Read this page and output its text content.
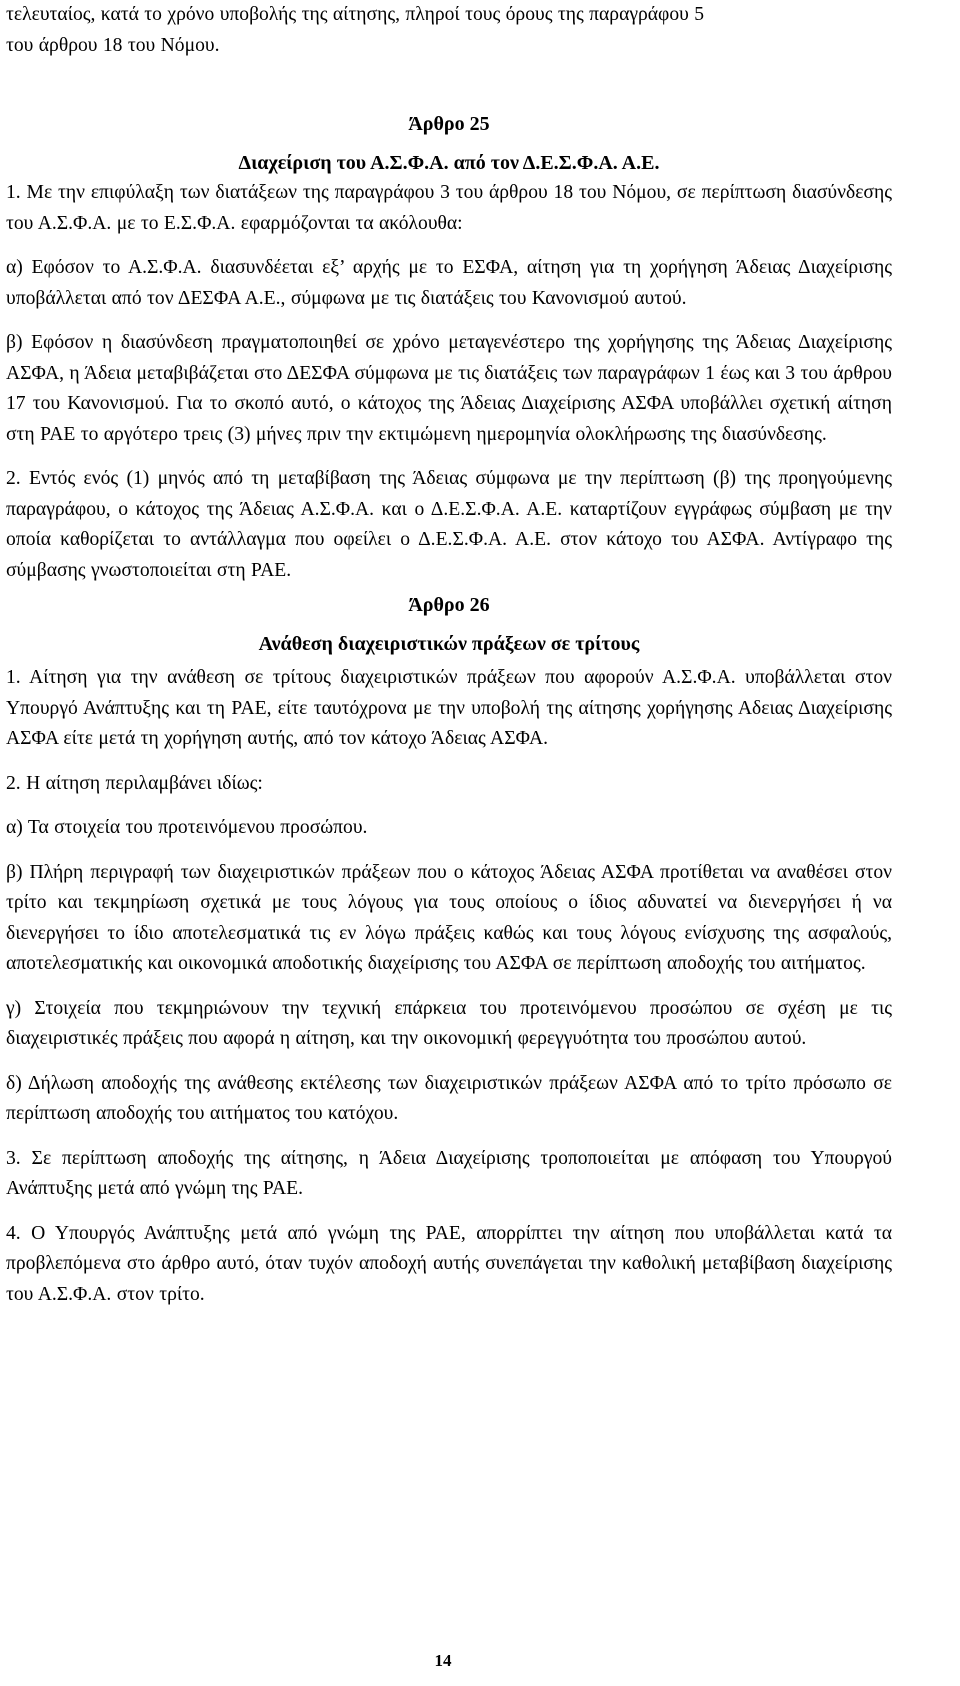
τελευταίος, κατά το χρόνο υποβολής της αίτησης, πληροί τους όρους της παραγράφου 5

του άρθρου 18 του Νόμου.

Άρθρο 25
Διαχείριση του Α.Σ.Φ.Α. από τον Δ.Ε.Σ.Φ.Α. Α.Ε.

1. Με την επιφύλαξη των διατάξεων της παραγράφου 3 του άρθρου 18 του Νόμου, σε περίπτωση διασύνδεσης του Α.Σ.Φ.Α. με το Ε.Σ.Φ.Α. εφαρμόζονται τα ακόλουθα:

α) Εφόσον το Α.Σ.Φ.Α. διασυνδέεται εξ’ αρχής με το ΕΣΦΑ, αίτηση για τη χορήγηση Άδειας Διαχείρισης υποβάλλεται από τον ΔΕΣΦΑ Α.Ε., σύμφωνα με τις διατάξεις του Κανονισμού αυτού.

β) Εφόσον η διασύνδεση πραγματοποιηθεί σε χρόνο μεταγενέστερο της χορήγησης της Άδειας Διαχείρισης ΑΣΦΑ, η Άδεια μεταβιβάζεται στο ΔΕΣΦΑ σύμφωνα με τις διατάξεις των παραγράφων 1 έως και 3 του άρθρου 17 του Κανονισμού. Για το σκοπό αυτό, ο κάτοχος της Άδειας Διαχείρισης ΑΣΦΑ υποβάλλει σχετική αίτηση στη ΡΑΕ το αργότερο τρεις (3) μήνες πριν την εκτιμώμενη ημερομηνία ολοκλήρωσης της διασύνδεσης.

2. Εντός ενός (1) μηνός από τη μεταβίβαση της Άδειας σύμφωνα με την περίπτωση (β) της προηγούμενης παραγράφου, ο κάτοχος της Άδειας Α.Σ.Φ.Α. και ο Δ.Ε.Σ.Φ.Α. Α.Ε. καταρτίζουν εγγράφως σύμβαση με την οποία καθορίζεται το αντάλλαγμα που οφείλει ο Δ.Ε.Σ.Φ.Α. Α.Ε. στον κάτοχο του ΑΣΦΑ. Αντίγραφο της σύμβασης γνωστοποιείται στη ΡΑΕ.

Άρθρο 26
Ανάθεση διαχειριστικών πράξεων σε τρίτους

1. Αίτηση για την ανάθεση σε τρίτους διαχειριστικών πράξεων που αφορούν Α.Σ.Φ.Α. υποβάλλεται στον Υπουργό Ανάπτυξης και τη ΡΑΕ, είτε ταυτόχρονα με την υποβολή της αίτησης χορήγησης Αδειας Διαχείρισης ΑΣΦΑ είτε μετά τη χορήγηση αυτής, από τον κάτοχο Άδειας ΑΣΦΑ.

2. Η αίτηση περιλαμβάνει ιδίως:

α) Τα στοιχεία του προτεινόμενου προσώπου.

β) Πλήρη περιγραφή των διαχειριστικών πράξεων που ο κάτοχος Άδειας ΑΣΦΑ προτίθεται να αναθέσει στον τρίτο και τεκμηρίωση σχετικά με τους λόγους για τους οποίους ο ίδιος αδυνατεί να διενεργήσει ή να διενεργήσει το ίδιο αποτελεσματικά τις εν λόγω πράξεις καθώς και τους λόγους ενίσχυσης της ασφαλούς, αποτελεσματικής και οικονομικά αποδοτικής διαχείρισης του ΑΣΦΑ σε περίπτωση αποδοχής του αιτήματος.

γ) Στοιχεία που τεκμηριώνουν την τεχνική επάρκεια του προτεινόμενου προσώπου σε σχέση με τις διαχειριστικές πράξεις που αφορά η αίτηση, και την οικονομική φερεγγυότητα του προσώπου αυτού.

δ) Δήλωση αποδοχής της ανάθεσης εκτέλεσης των διαχειριστικών πράξεων ΑΣΦΑ από το τρίτο πρόσωπο σε περίπτωση αποδοχής του αιτήματος του κατόχου.

3. Σε περίπτωση αποδοχής της αίτησης, η Άδεια Διαχείρισης τροποποιείται με απόφαση του Υπουργού Ανάπτυξης μετά από γνώμη της ΡΑΕ.

4. Ο Υπουργός Ανάπτυξης μετά από γνώμη της ΡΑΕ, απορρίπτει την αίτηση που υποβάλλεται κατά τα προβλεπόμενα στο άρθρο αυτό, όταν τυχόν αποδοχή αυτής συνεπάγεται την καθολική μεταβίβαση διαχείρισης του Α.Σ.Φ.Α. στον τρίτο.

14
